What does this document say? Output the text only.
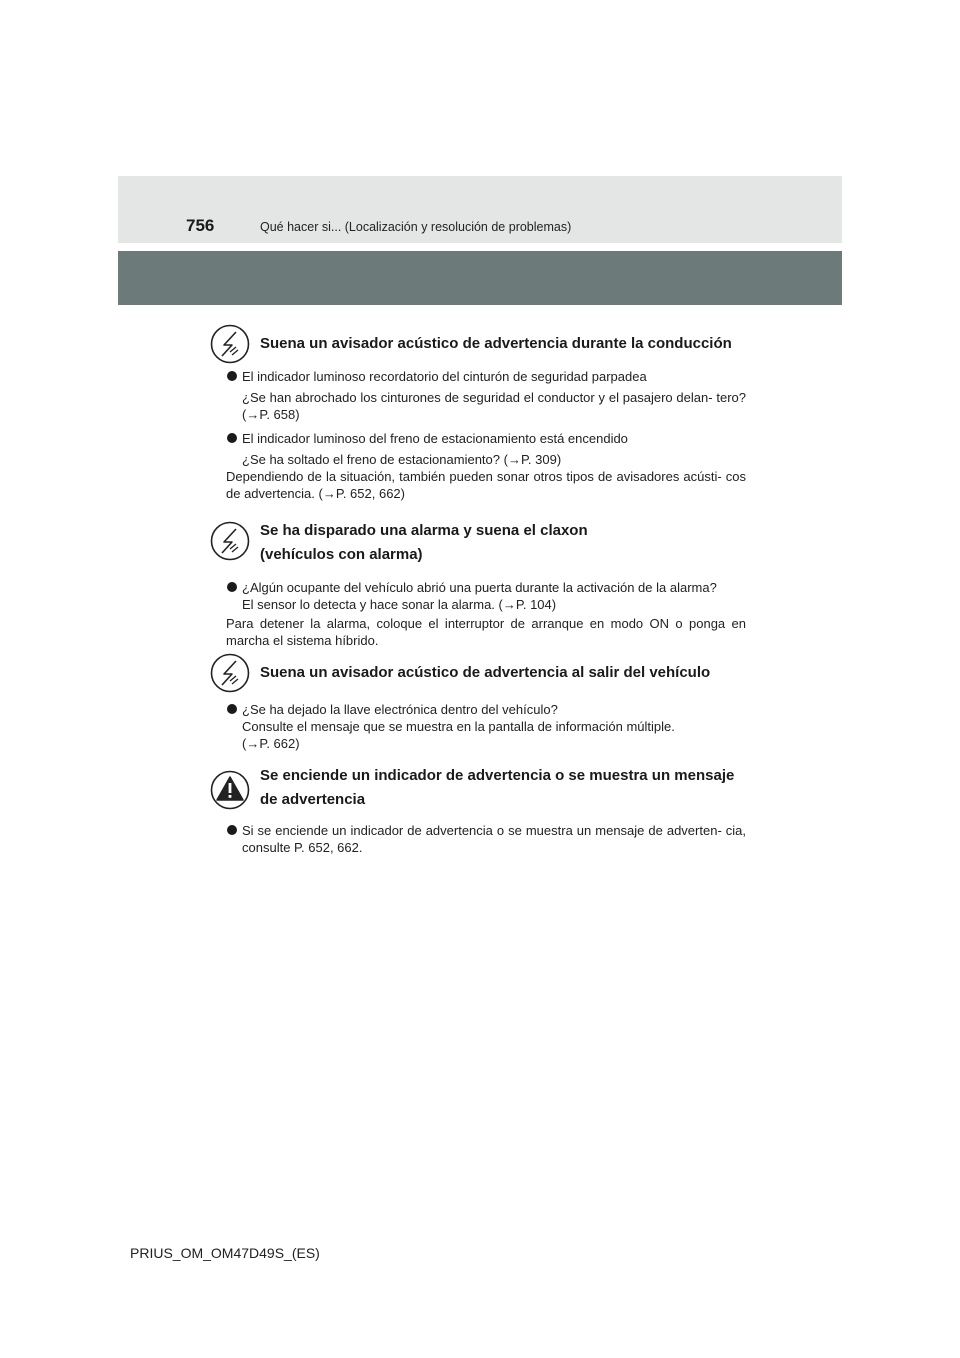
756	Qué hacer si... (Localización y resolución de problemas)
Suena un avisador acústico de advertencia durante la conducción
El indicador luminoso recordatorio del cinturón de seguridad parpadea
¿Se han abrochado los cinturones de seguridad el conductor y el pasajero delan- tero? (→P. 658)
El indicador luminoso del freno de estacionamiento está encendido
¿Se ha soltado el freno de estacionamiento? (→P. 309)
Dependiendo de la situación, también pueden sonar otros tipos de avisadores acústi- cos de advertencia. (→P. 652, 662)
Se ha disparado una alarma y suena el claxon
(vehículos con alarma)
¿Algún ocupante del vehículo abrió una puerta durante la activación de la alarma?
El sensor lo detecta y hace sonar la alarma. (→P. 104)
Para detener la alarma, coloque el interruptor de arranque en modo ON o ponga en marcha el sistema híbrido.
Suena un avisador acústico de advertencia al salir del vehículo
¿Se ha dejado la llave electrónica dentro del vehículo?
Consulte el mensaje que se muestra en la pantalla de información múltiple.
(→P. 662)
Se enciende un indicador de advertencia o se muestra un mensaje de advertencia
Si se enciende un indicador de advertencia o se muestra un mensaje de adverten- cia, consulte P. 652, 662.
PRIUS_OM_OM47D49S_(ES)
